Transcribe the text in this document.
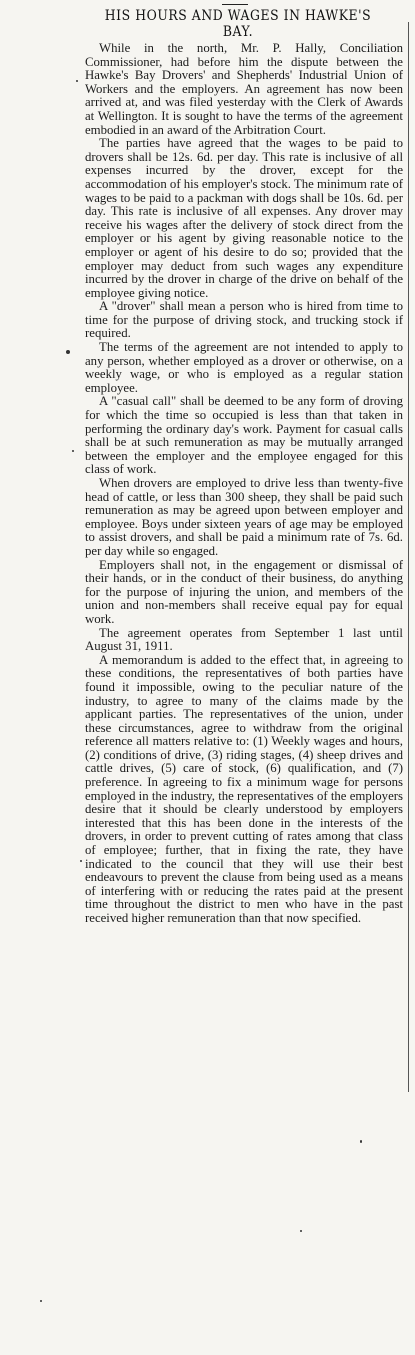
HIS HOURS AND WAGES IN HAWKE'S
BAY.

While in the north, Mr. P. Hally, Conciliation Commissioner, had before him the dispute between the Hawke's Bay Drovers' and Shepherds' Industrial Union of Workers and the employers. An agreement has now been arrived at, and was filed yesterday with the Clerk of Awards at Wellington. It is sought to have the terms of the agreement embodied in an award of the Arbitration Court.

The parties have agreed that the wages to be paid to drovers shall be 12s. 6d. per day. This rate is inclusive of all expenses incurred by the drover, except for the accommodation of his employer's stock. The minimum rate of wages to be paid to a packman with dogs shall be 10s. 6d. per day. This rate is inclusive of all expenses. Any drover may receive his wages after the delivery of stock direct from the employer or his agent by giving reasonable notice to the employer or agent of his desire to do so; provided that the employer may deduct from such wages any expenditure incurred by the drover in charge of the drive on behalf of the employee giving notice.

A "drover" shall mean a person who is hired from time to time for the purpose of driving stock, and trucking stock if required.

The terms of the agreement are not intended to apply to any person, whether employed as a drover or otherwise, on a weekly wage, or who is employed as a regular station employee.

A "casual call" shall be deemed to be any form of droving for which the time so occupied is less than that taken in performing the ordinary day's work. Payment for casual calls shall be at such remuneration as may be mutually arranged between the employer and the employee engaged for this class of work.

When drovers are employed to drive less than twenty-five head of cattle, or less than 300 sheep, they shall be paid such remuneration as may be agreed upon between employer and employee. Boys under sixteen years of age may be employed to assist drovers, and shall be paid a minimum rate of 7s. 6d. per day while so engaged.

Employers shall not, in the engagement or dismissal of their hands, or in the conduct of their business, do anything for the purpose of injuring the union, and members of the union and non-members shall receive equal pay for equal work.

The agreement operates from September 1 last until August 31, 1911.

A memorandum is added to the effect that, in agreeing to these conditions, the representatives of both parties have found it impossible, owing to the peculiar nature of the industry, to agree to many of the claims made by the applicant parties. The representatives of the union, under these circumstances, agree to withdraw from the original reference all matters relative to: (1) Weekly wages and hours, (2) conditions of drive, (3) riding stages, (4) sheep drives and cattle drives, (5) care of stock, (6) qualification, and (7) preference. In agreeing to fix a minimum wage for persons employed in the industry, the representatives of the employers desire that it should be clearly understood by employers interested that this has been done in the interests of the drovers, in order to prevent cutting of rates among that class of employee; further, that in fixing the rate, they have indicated to the council that they will use their best endeavours to prevent the clause from being used as a means of interfering with or reducing the rates paid at the present time throughout the district to men who have in the past received higher remuneration than that now specified.
